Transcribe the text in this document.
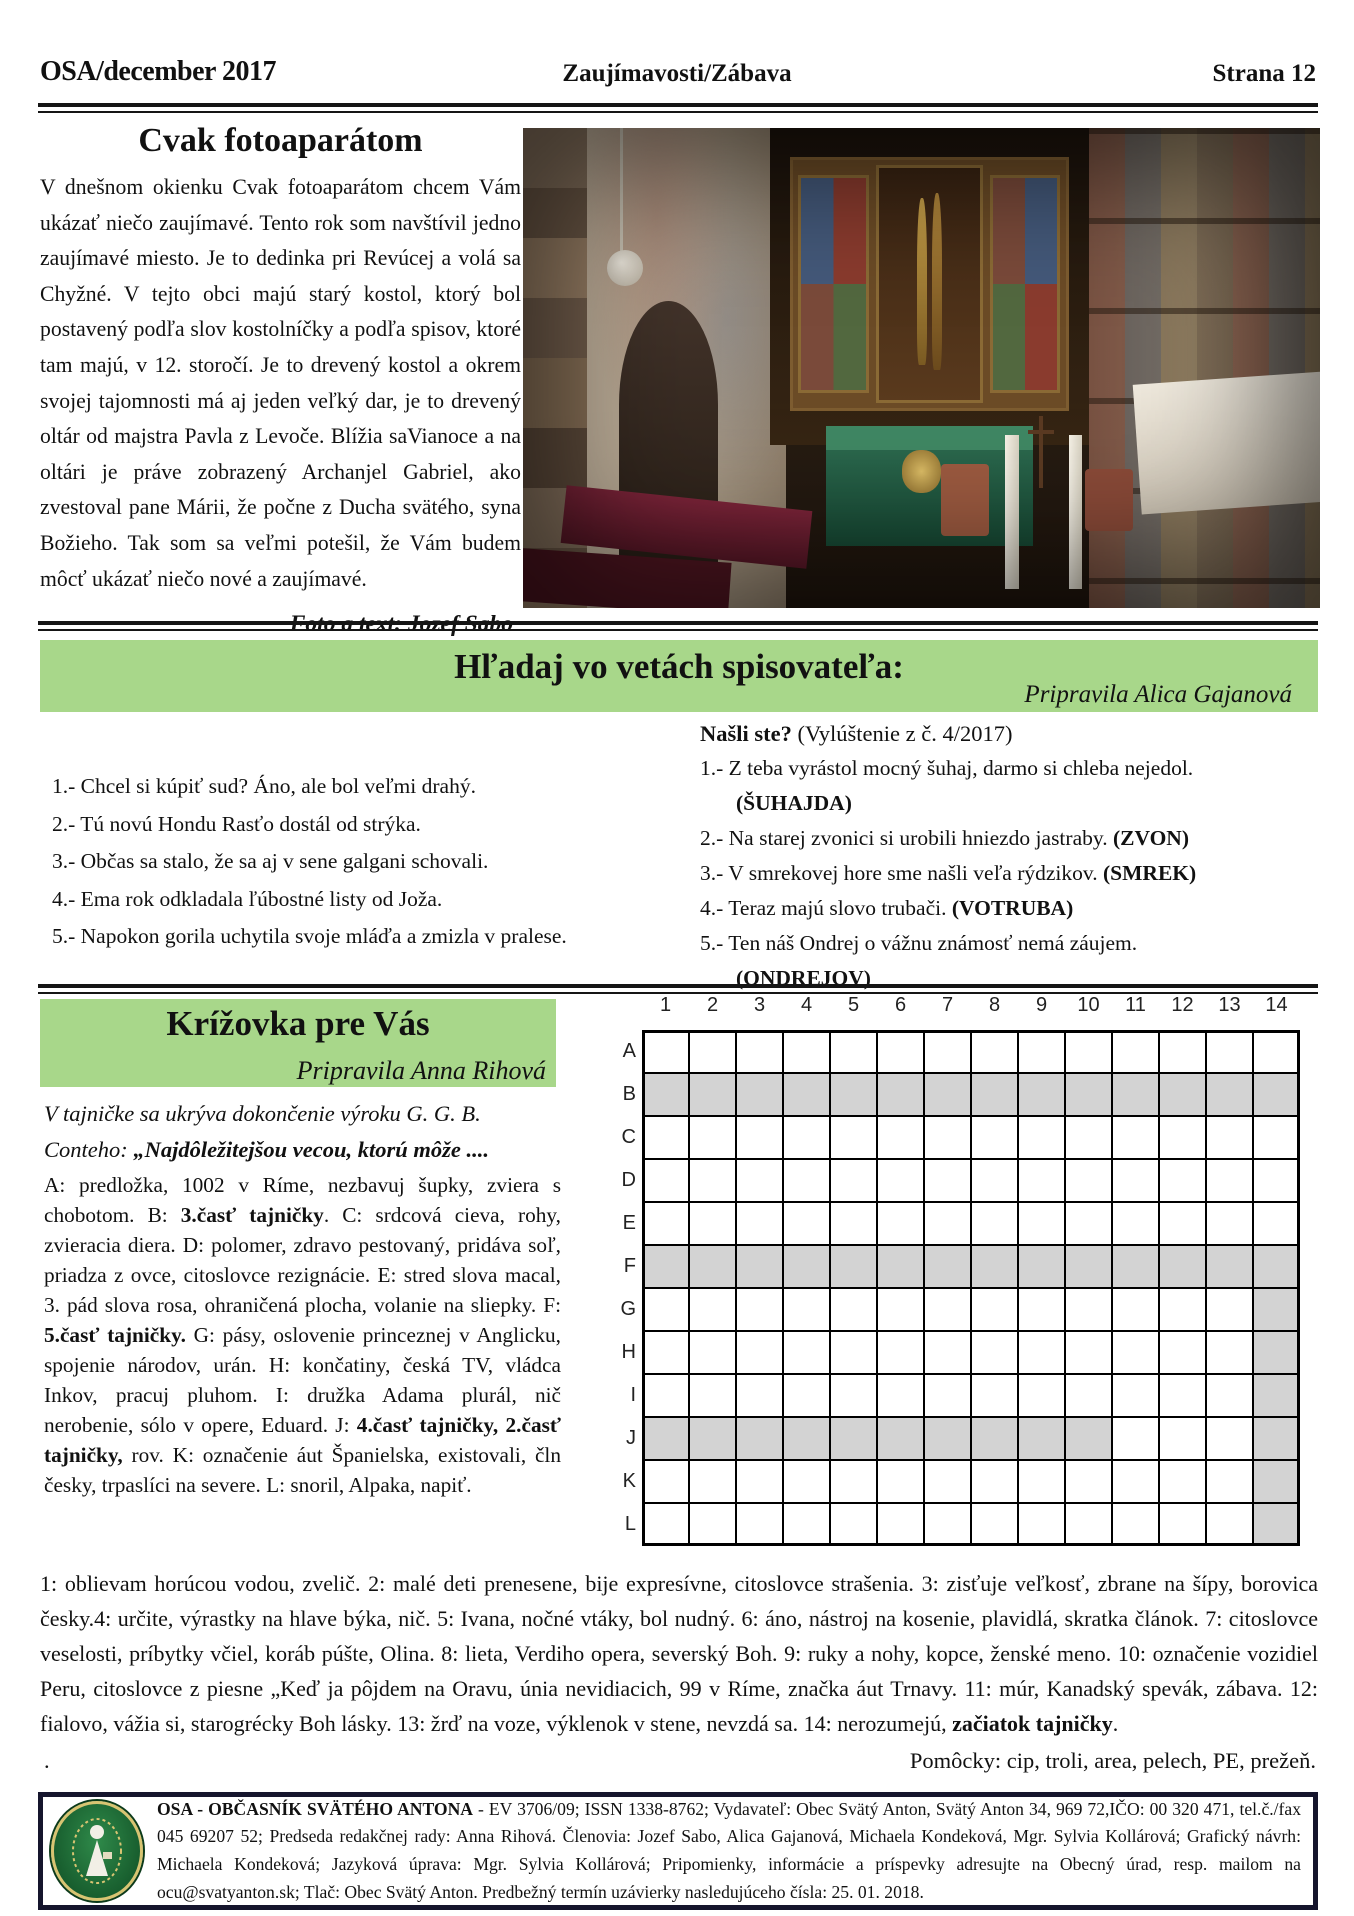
OSA/december 2017	Zaujímavosti/Zábava	Strana 12
Cvak fotoaparátom
V dnešnom okienku Cvak fotoaparátom chcem Vám ukázať niečo zaujímavé. Tento rok som navštívil jedno zaujímavé miesto. Je to dedinka pri Revúcej a volá sa Chyžné. V tejto obci majú starý kostol, ktorý bol postavený podľa slov kostolníčky a podľa spisov, ktoré tam majú, v 12. storočí. Je to drevený kostol a okrem svojej tajomnosti má aj jeden veľký dar, je to drevený oltár od majstra Pavla z Levoče. Blížia saVianoce a na oltári je práve zobrazený Archanjel Gabriel, ako zvestoval pane Márii, že počne z Ducha svätého, syna Božieho. Tak som sa veľmi potešil, že Vám budem môcť ukázať niečo nové a zaujímavé.
Foto a text: Jozef Sabo
Hľadaj vo vetách spisovateľa:
Pripravila Alica Gajanová
1.- Chcel si kúpiť sud? Áno, ale bol veľmi drahý.
2.- Tú novú Hondu Rasťo dostál od strýka.
3.- Občas sa stalo, že sa aj v sene galgani schovali.
4.- Ema rok odkladala ľúbostné listy od Joža.
5.- Napokon gorila uchytila svoje mláďa a zmizla v pralese.
Našli ste? (Vylúštenie z č. 4/2017)
1.- Z teba vyrástol mocný šuhaj, darmo si chleba nejedol.
(ŠUHAJDA)
2.- Na starej zvonici si urobili hniezdo jastraby. (ZVON)
3.- V smrekovej hore sme našli veľa rýdzikov. (SMREK)
4.- Teraz majú slovo trubači. (VOTRUBA)
5.- Ten náš Ondrej o vážnu známosť nemá záujem.
(ONDREJOV)
Krížovka pre Vás
Pripravila Anna Rihová
V tajničke sa ukrýva dokončenie výroku G. G. B.
Conteho: „Najdôležitejšou vecou, ktorú môže ....
A: predložka, 1002 v Ríme, nezbavuj šupky, zviera s chobotom. B: 3.časť tajničky. C: srdcová cieva, rohy, zvieracia diera. D: polomer, zdravo pestovaný, pridáva soľ, priadza z ovce, citoslovce rezignácie. E: stred slova macal, 3. pád slova rosa, ohraničená plocha, volanie na sliepky. F: 5.časť tajničky. G: pásy, oslovenie princeznej v Anglicku, spojenie národov, urán. H: končatiny, česká TV, vládca Inkov, pracuj pluhom. I: družka Adama plurál, nič nerobenie, sólo v opere, Eduard. J: 4.časť tajničky, 2.časť tajničky, rov. K: označenie áut Španielska, existovali, čln česky, trpaslíci na severe. L: snoril, Alpaka, napiť.
1	2	3	4	5	6	7	8	9	10	11	12	13	14
A
B
C
D
E
F
G
H
I
J
K
L
1: oblievam horúcou vodou, zvelič. 2: malé deti prenesene, bije expresívne, citoslovce strašenia. 3: zisťuje veľkosť, zbrane na šípy, borovica česky.4: určite, výrastky na hlave býka, nič. 5: Ivana, nočné vtáky, bol nudný. 6: áno, nástroj na kosenie, plavidlá, skratka článok. 7: citoslovce veselosti, príbytky včiel, koráb púšte, Olina. 8: lieta, Verdiho opera, severský Boh. 9: ruky a nohy, kopce, ženské meno. 10: označenie vozidiel Peru, citoslovce z piesne „Keď ja pôjdem na Oravu, únia nevidiacich, 99 v Ríme, značka áut Trnavy. 11: múr, Kanadský spevák, zábava. 12: fialovo, vážia si, starogrécky Boh lásky. 13: žrď na voze, výklenok v stene, nevzdá sa. 14: nerozumejú, začiatok tajničky.
.	Pomôcky: cip, troli, area, pelech, PE, prežeň.
OSA - OBČASNÍK SVÄTÉHO ANTONA - EV 3706/09; ISSN 1338-8762; Vydavateľ: Obec Svätý Anton, Svätý Anton 34, 969 72,IČO: 00 320 471, tel.č./fax 045 69207 52; Predseda redakčnej rady: Anna Rihová. Členovia: Jozef Sabo, Alica Gajanová, Michaela Kondeková, Mgr. Sylvia Kollárová; Grafický návrh: Michaela Kondeková; Jazyková úprava: Mgr. Sylvia Kollárová; Pripomienky, informácie a príspevky adresujte na Obecný úrad, resp. mailom na ocu@svatyanton.sk; Tlač: Obec Svätý Anton. Predbežný termín uzávierky nasledujúceho čísla: 25. 01. 2018.
